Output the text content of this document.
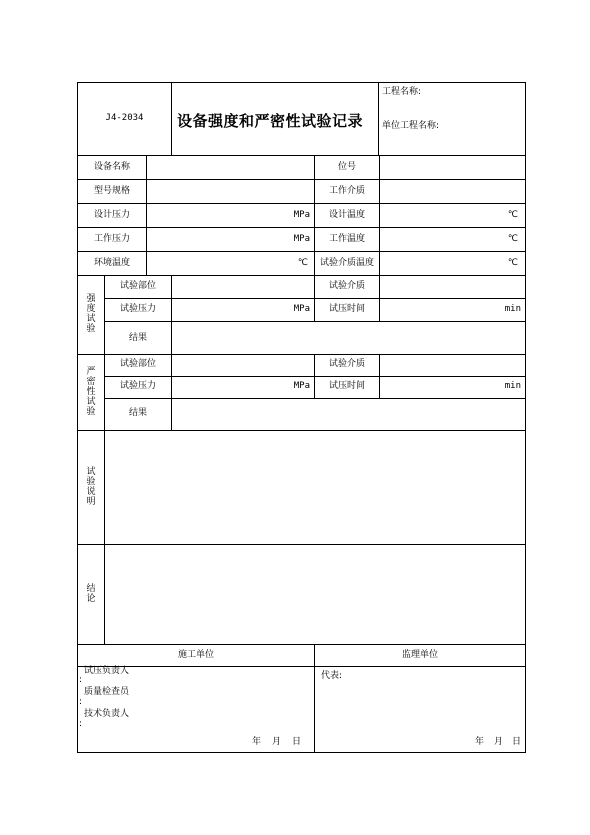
J4-2034	设备强度和严密性试验记录
工程名称:
单位工程名称:
设备名称	位号
型号规格	工作介质
设计压力	MPa	设计温度	℃
工作压力	MPa	工作温度	℃
环境温度	℃	试验介质温度	℃
强度试验
试验部位	试验介质
试验压力	MPa	试压时间	min
结果
严密性试验
试验部位	试验介质
试验压力	MPa	试压时间	min
结果
试验说明
结论
施工单位	监理单位
试压负责人
:
质量检查员
:
技术负责人
:
年 月 日
代表:
年 月 日
